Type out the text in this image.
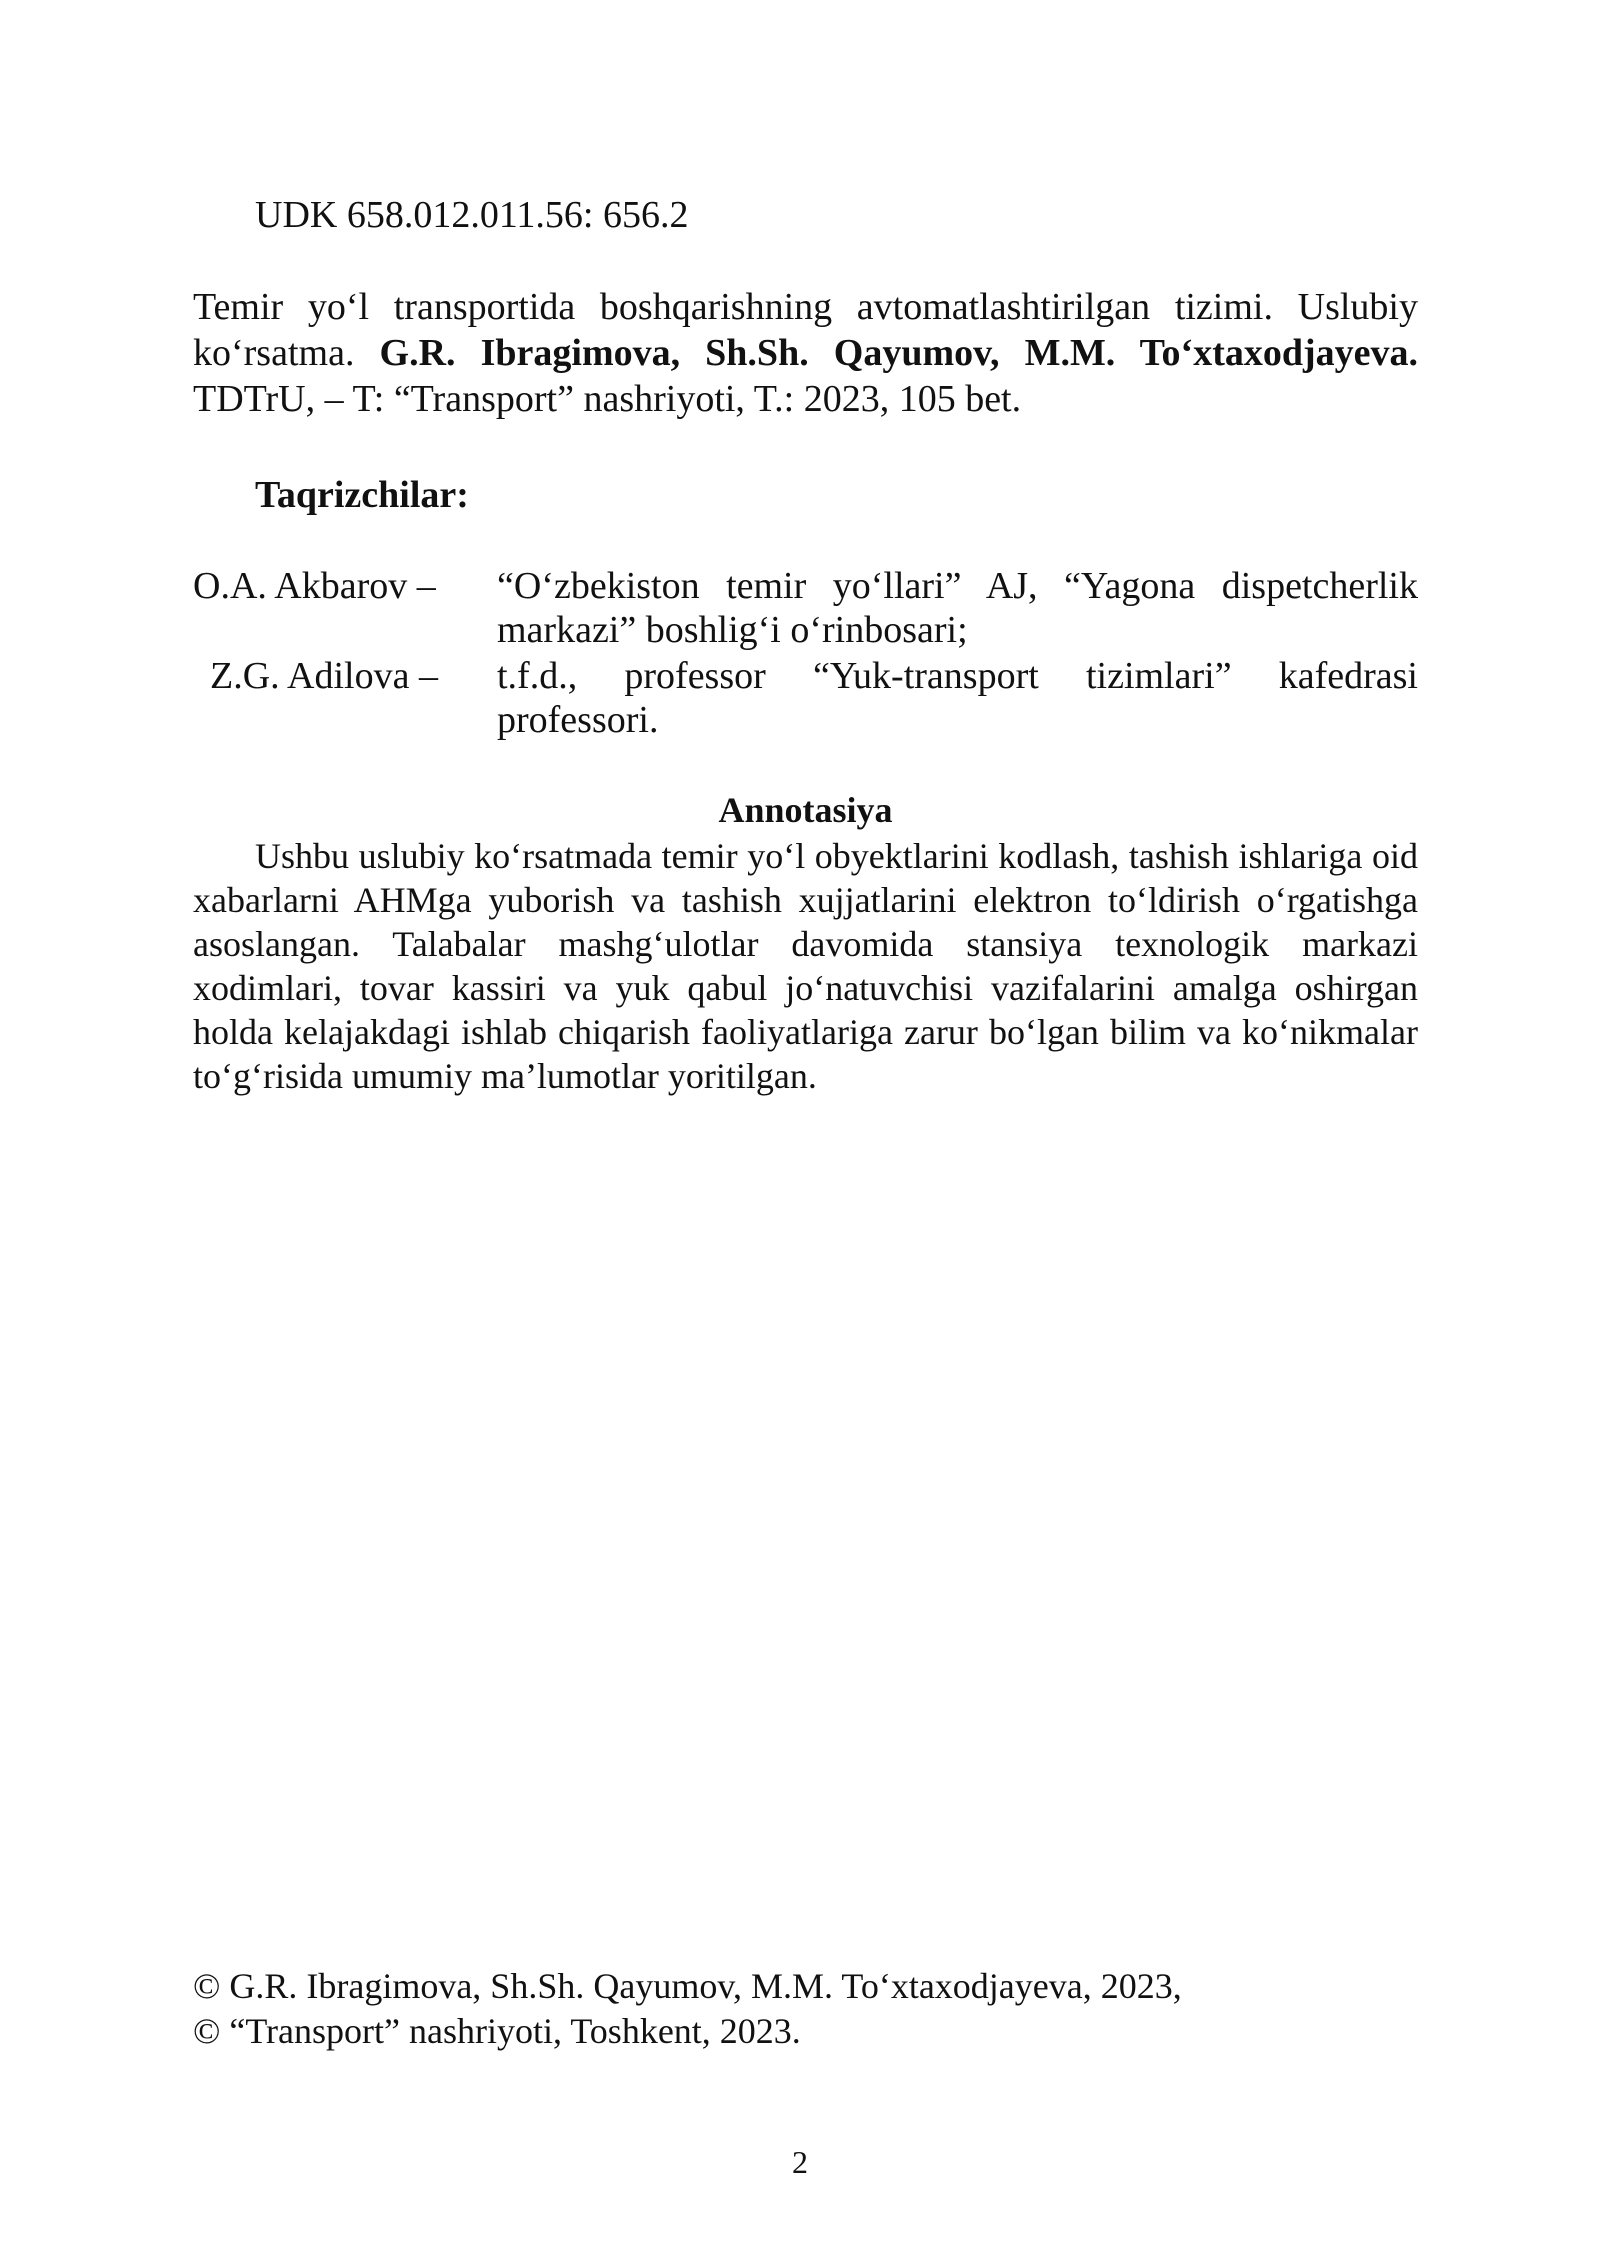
UDK 658.012.011.56: 656.2
Temir yo‘l transportida boshqarishning avtomatlashtirilgan tizimi. Uslubiy ko‘rsatma. G.R. Ibragimova, Sh.Sh. Qayumov, M.M. To‘xtaxodjayeva. TDTrU, – T: “Transport” nashriyoti, T.: 2023, 105 bet.
Taqrizchilar:
O.A. Akbarov – “O‘zbekiston temir yo‘llari” AJ, “Yagona dispetcherlik markazi” boshlig‘i o‘rinbosari;
Z.G. Adilova – t.f.d., professor “Yuk-transport tizimlari” kafedrasi professori.
Annotasiya
Ushbu uslubiy ko‘rsatmada temir yo‘l obyektlarini kodlash, tashish ishlariga oid xabarlarni AHMga yuborish va tashish xujjatlarini elektron to‘ldirish o‘rgatishga asoslangan. Talabalar mashg‘ulotlar davomida stansiya texnologik markazi xodimlari, tovar kassiri va yuk qabul jo‘natuvchisi vazifalarini amalga oshirgan holda kelajakdagi ishlab chiqarish faoliyatlariga zarur bo‘lgan bilim va ko‘nikmalar to‘g‘risida umumiy ma’lumotlar yoritilgan.
© G.R. Ibragimova, Sh.Sh. Qayumov, M.M. To‘xtaxodjayeva, 2023,
© “Transport” nashriyoti, Toshkent, 2023.
2
